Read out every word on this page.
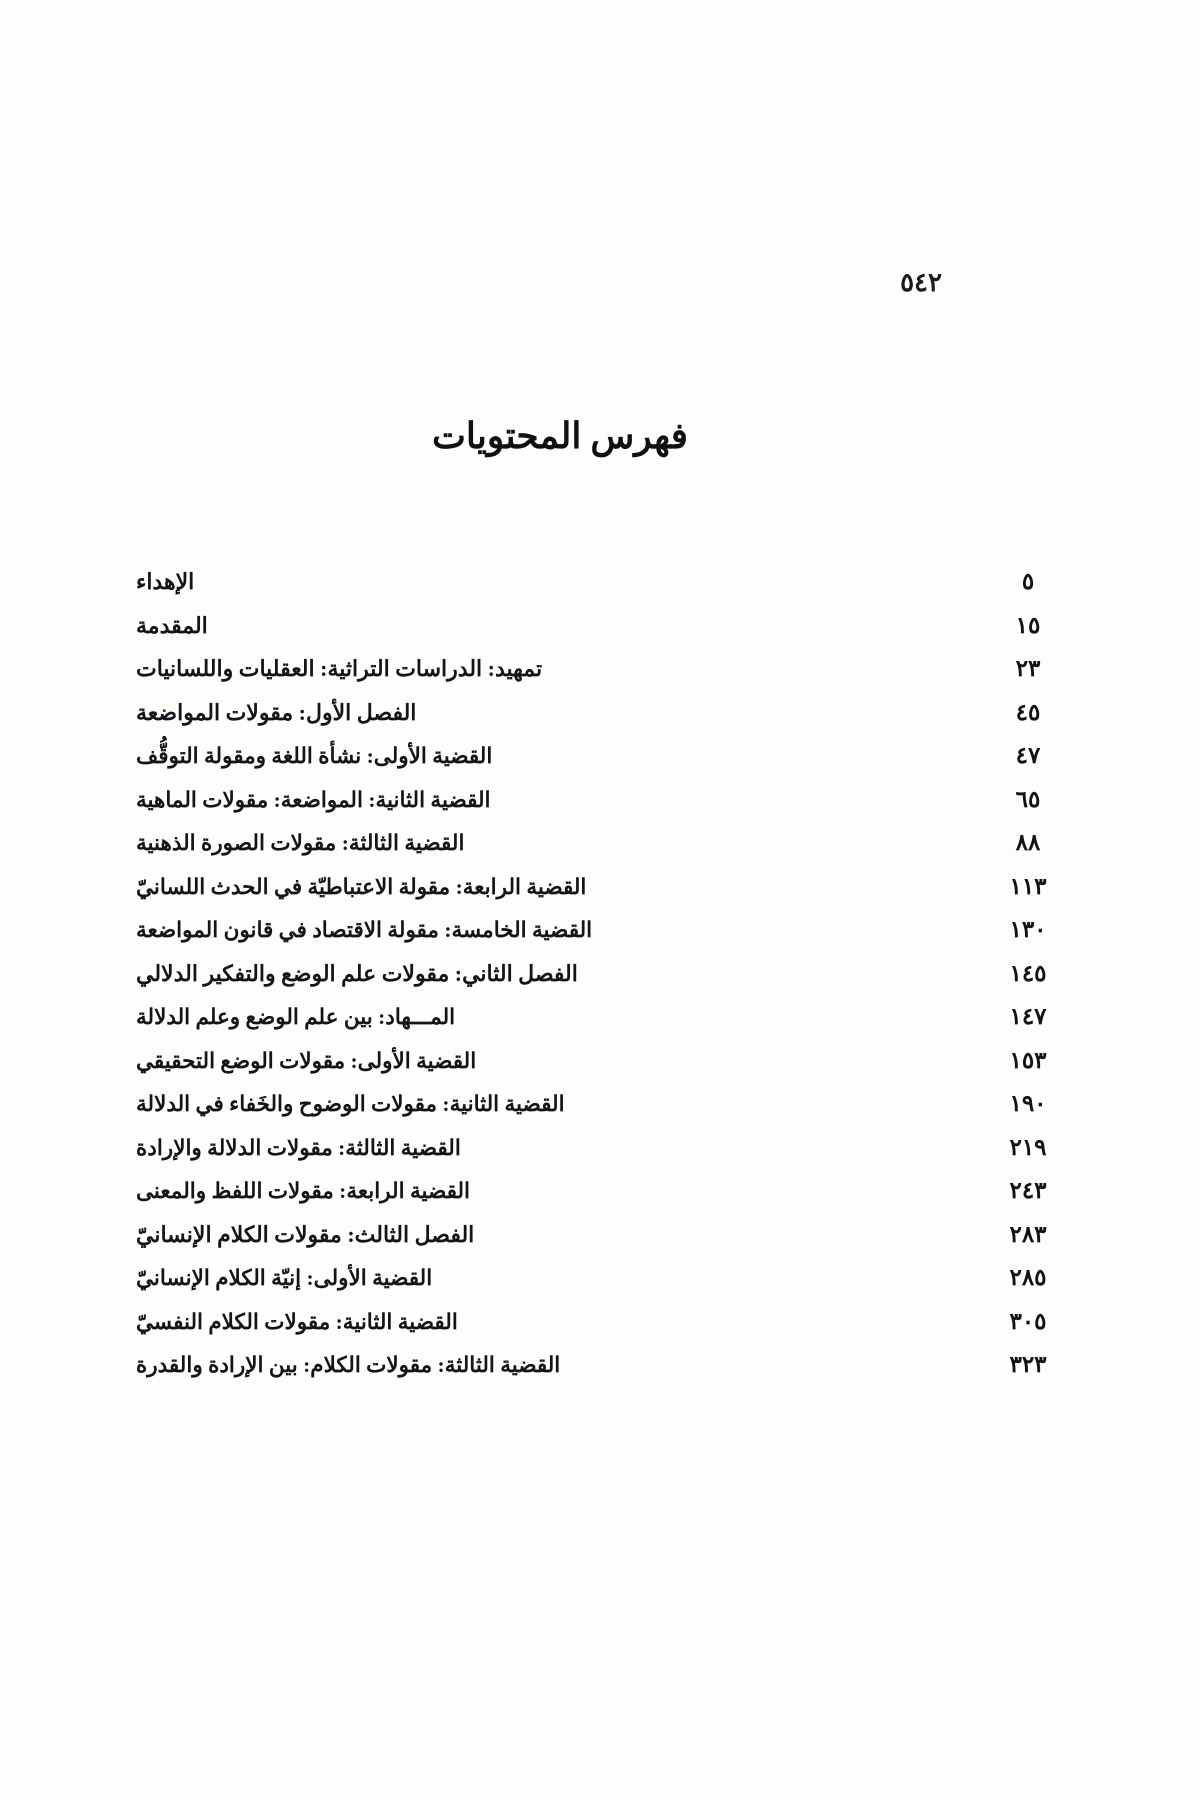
٥٤٢
فهرس المحتويات
الإهداء .....	٥
المقدمة .....	١٥
تمهيد: الدراسات التراثية: العقليات واللسانيات .....	٢٣
الفصل الأول: مقولات المواضعة .....	٤٥
القضية الأولى: نشأة اللغة ومقولة التوقُّف .....	٤٧
القضية الثانية: المواضعة: مقولات الماهية .....	٦٥
القضية الثالثة: مقولات الصورة الذهنية .....	٨٨
القضية الرابعة: مقولة الاعتباطيّة في الحدث اللسانيّ .....	١١٣
القضية الخامسة: مقولة الاقتصاد في قانون المواضعة .....	١٣٠
الفصل الثاني: مقولات علم الوضع والتفكير الدلالي .....	١٤٥
المـــهاد: بين علم الوضع وعلم الدلالة .....	١٤٧
القضية الأولى: مقولات الوضع التحقيقي .....	١٥٣
القضية الثانية: مقولات الوضوح والخَفاء في الدلالة .....	١٩٠
القضية الثالثة: مقولات الدلالة والإرادة .....	٢١٩
القضية الرابعة: مقولات اللفظ والمعنى .....	٢٤٣
الفصل الثالث: مقولات الكلام الإنسانيّ .....	٢٨٣
القضية الأولى: إنيّة الكلام الإنسانيّ .....	٢٨٥
القضية الثانية: مقولات الكلام النفسيّ .....	٣٠٥
القضية الثالثة: مقولات الكلام: بين الإرادة والقدرة .....	٣٢٣
